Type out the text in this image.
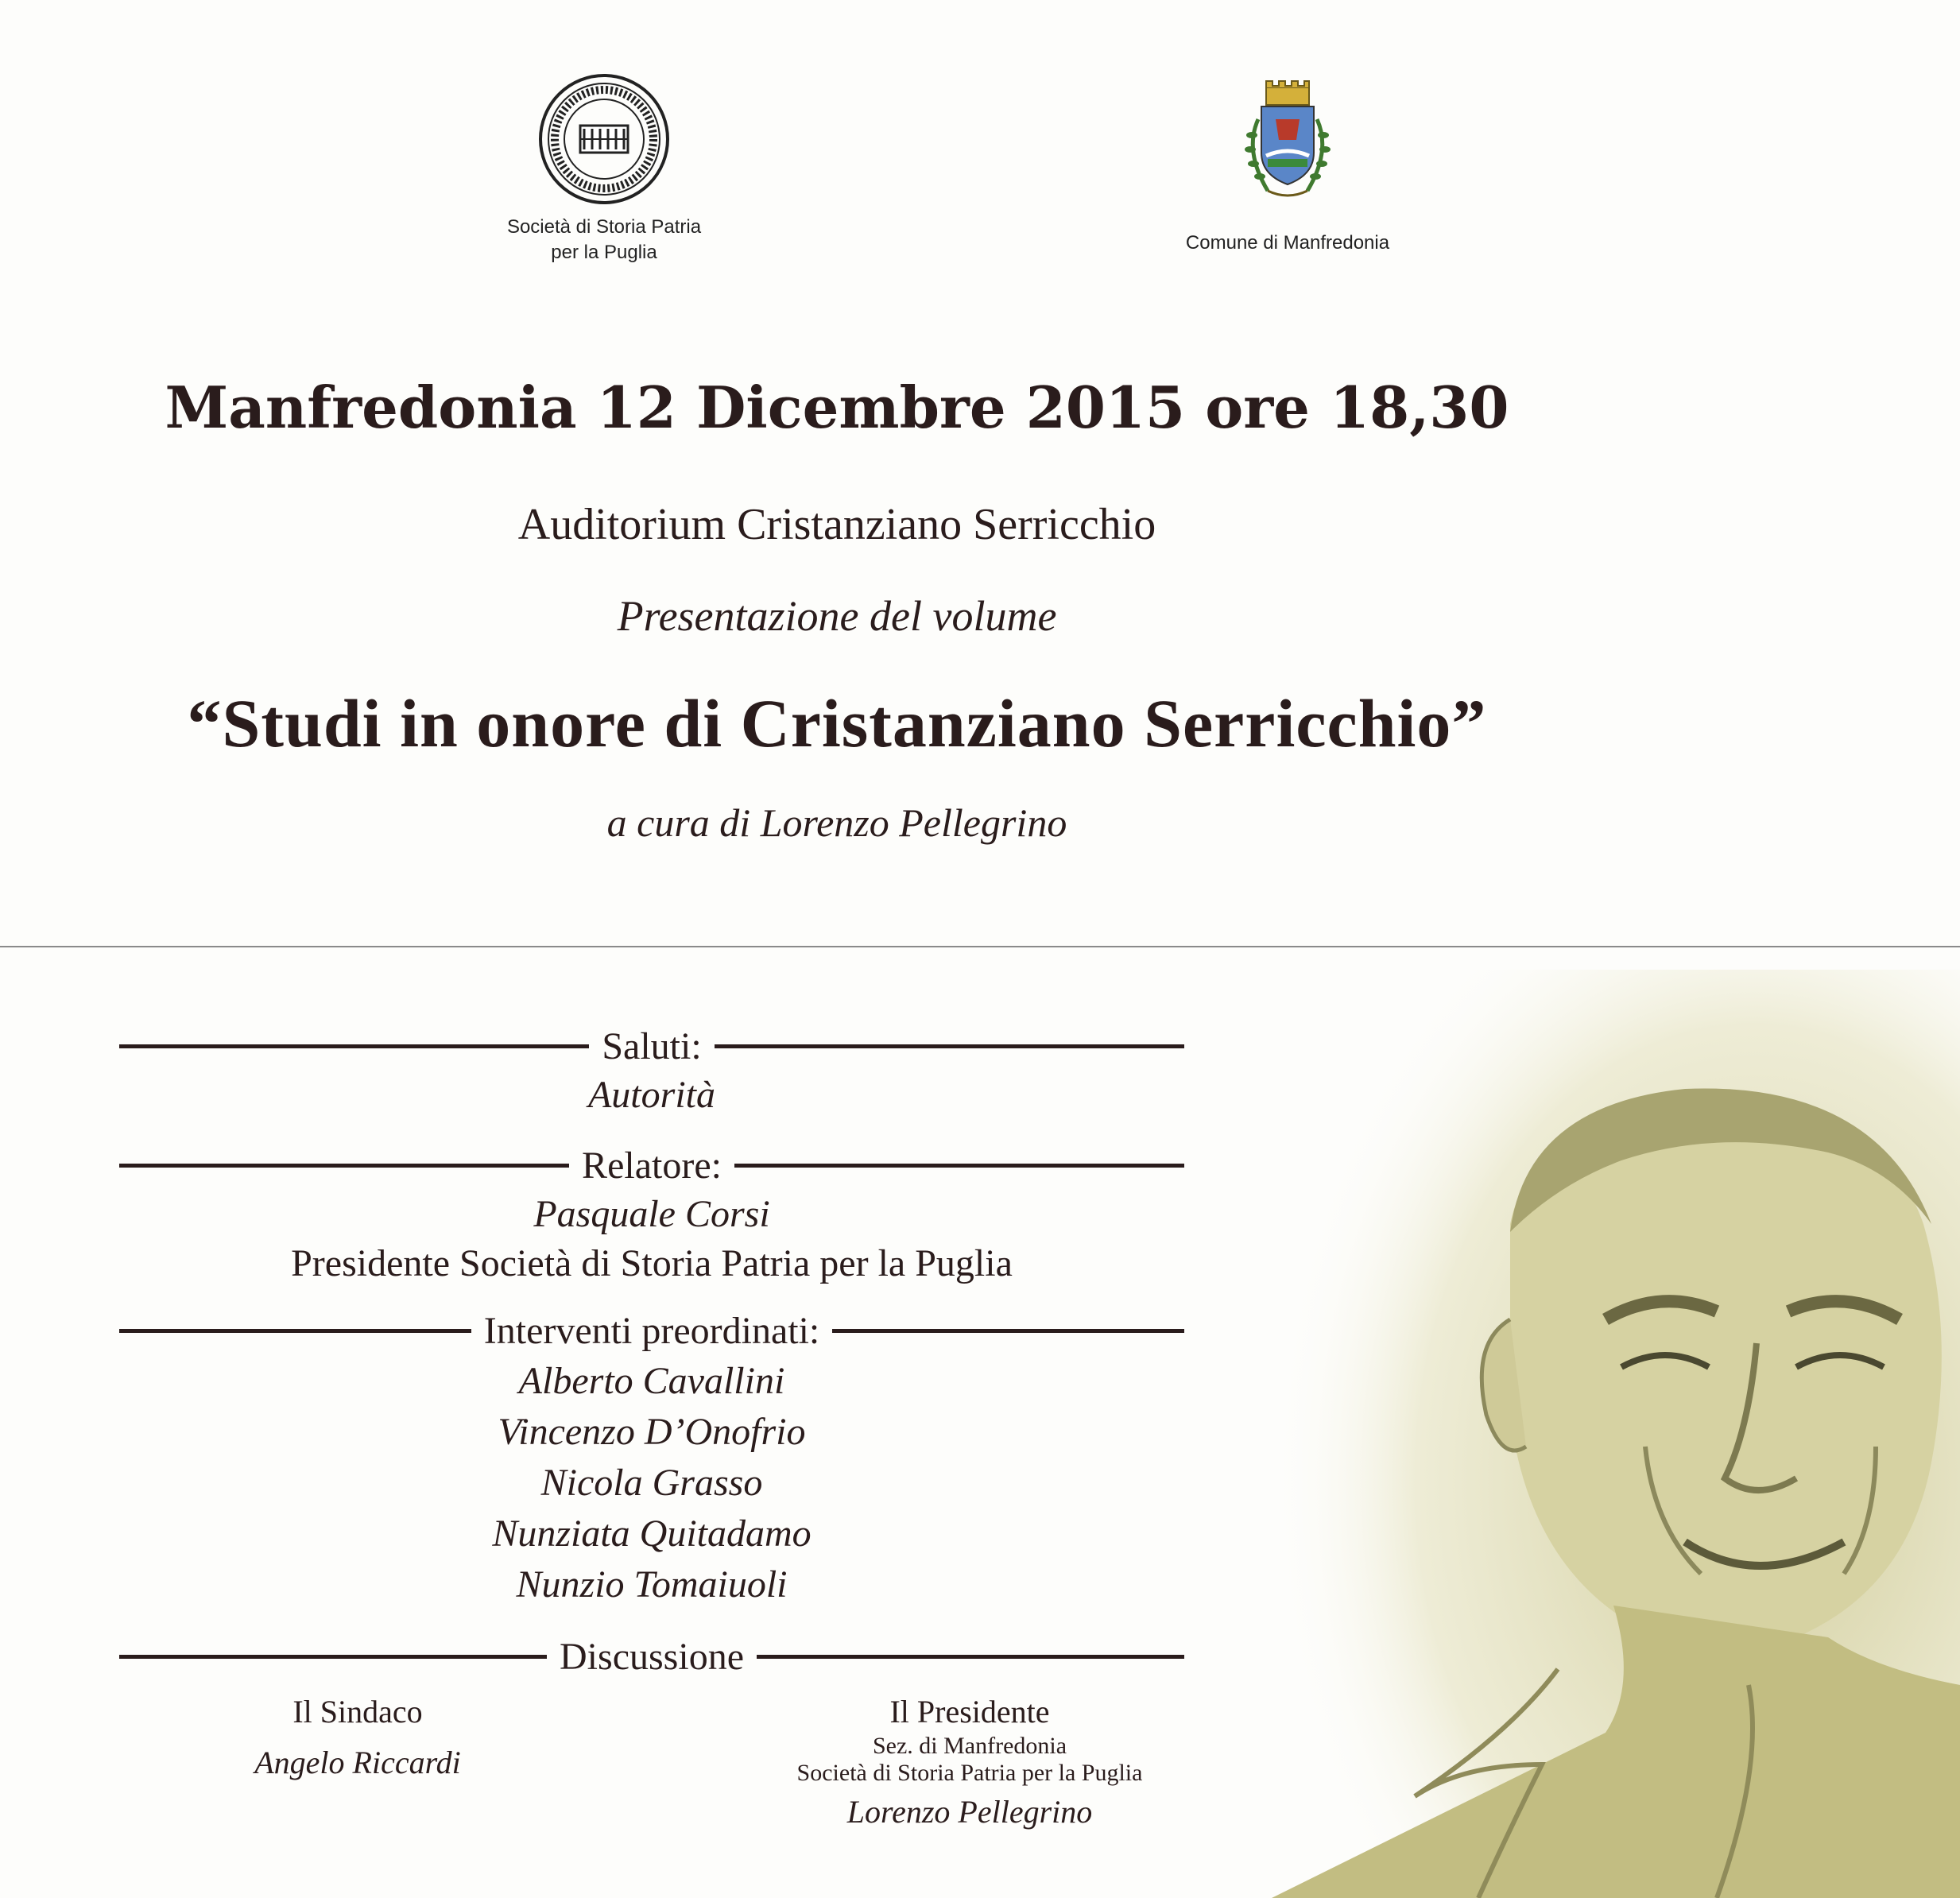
Società di Storia Patria
per la Puglia	Comune di Manfredonia
Manfredonia 12 Dicembre 2015 ore 18,30
Auditorium Cristanziano Serricchio
Presentazione del volume
“Studi in onore di Cristanziano Serricchio”
a cura di Lorenzo Pellegrino
Saluti:
Autorità
Relatore:
Pasquale Corsi
Presidente Società di Storia Patria per la Puglia
Interventi preordinati:
Alberto Cavallini
Vincenzo D’Onofrio
Nicola Grasso
Nunziata Quitadamo
Nunzio Tomaiuoli
Discussione
Il Sindaco
Angelo Riccardi
Il Presidente
Sez. di Manfredonia
Società di Storia Patria per la Puglia
Lorenzo Pellegrino
